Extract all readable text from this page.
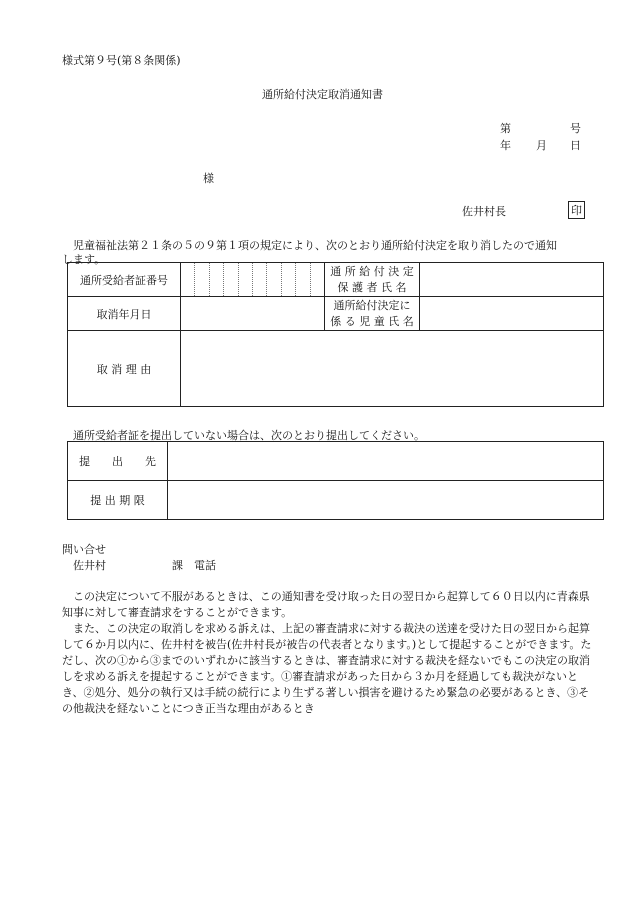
様式第９号(第８条関係)
通所給付決定取消通知書
第	号
年 月 日
様
佐井村長	印
児童福祉法第２１条の５の９第１項の規定により、次のとおり通所給付決定を取り消したので通知
します。
通所受給者証番号		通 所 給 付 決 定
保 護 者 氏 名	

取消年月日		通所給付決定に
係 る 児 童 氏 名	

取 消 理 由			
通所受給者証を提出していない場合は、次のとおり提出してください。
提　　出　　先	
提 出 期 限	
問い合せ
佐井村　　　　　　課　電話

この決定について不服があるときは、この通知書を受け取った日の翌日から起算して６０日以内に青森県知事に対して審査請求をすることができます。

また、この決定の取消しを求める訴えは、上記の審査請求に対する裁決の送達を受けた日の翌日から起算して６か月以内に、佐井村を被告(佐井村長が被告の代表者となります。)として提起することができます。ただし、次の①から③までのいずれかに該当するときは、審査請求に対する裁決を経ないでもこの決定の取消しを求める訴えを提起することができます。①審査請求があった日から３か月を経過しても裁決がないとき、②処分、処分の執行又は手続の続行により生ずる著しい損害を避けるため緊急の必要があるとき、③その他裁決を経ないことにつき正当な理由があるとき
